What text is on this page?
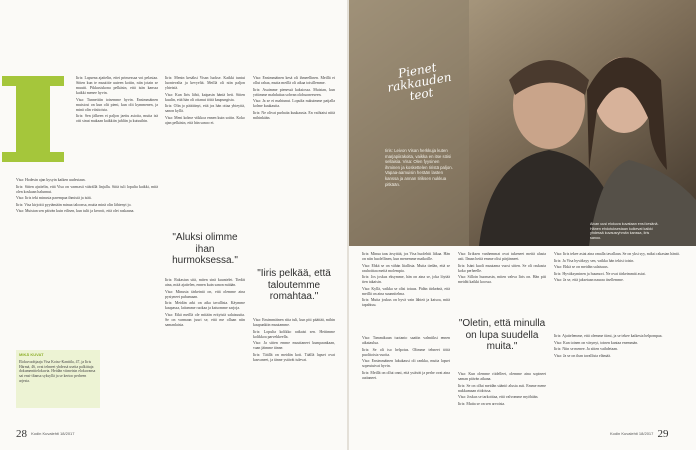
Iiris: Lapsena ajattelin, ettei prinsessaa voi pelastaa. Sitten kun te muutitte uuteen kotiin, niin jotain se muutti. Pikkusiskona pelkäsin, että isän kanssa kaikki menee hyvin.

Visa: Tunnettiin toisemme hyvin. Ensimmäinen muistosi on kun olit pieni, kun olit kymmenen, ja minä olin viisitoista.

Iiris: Sen jälkeen ei paljon jaettu asioita, mutta isä otti sinut mukaan kaikkiin juhliin ja kutsuihin.

Visa: Hodesin ajan kysyin kaiken uudestaan.

Iiris: Sitten ajattelin, että Visa on varmasti väärällä linjalla. Siitä tuli lopulta kaikki, mitä olen koskaan halunnut.

Visa: Iiris teki minusta parempaa ihmistä ja isää.

Iiris: Visa kirjoitti pyytämään minua taloonsa, mutta minä olin lähtenyt jo.

Visa: Muistan sen päivän kuin eilisen, kun tulit ja kerroit, että olet raskaana.

MIKÄ KUVAT
Elokuvaohjaaja Visa Koiso-Kanttila, 47, ja Iiris Härmä, 46, ovat tehneet yhdessä useita palkittuja dokumenttielokuvia. Heidän viimeisin elokuvansa sai ensi-iltansa syksyllä ja se kertoo perheen arjesta.

Iiris: Menin kesäksi Visan luokse. Kaikki tuntui luontevalta ja kevyeltä. Meillä oli niin paljon yhteistä.

Visa: Kun Iiris lähti, kaipasin häntä heti. Sitten kuulin, että hän oli ottanut töitä kaupungista.

Iiris: Olin jo päättänyt, että jos hän ottaa yhteyttä, sanon kyllä.

Visa: Meni kolme viikkoa ennen kuin soitin. Koko ajan pelkäsin, että hän sanoo ei.

"Aluksi olimme ihan hurmoksessa."

Iiris: Rakastan sitä, miten sinä kuuntelet. Tiedät aina, mitä ajattelen, ennen kuin sanon mitään.

Visa: Minusta tärkeintä on, että olemme aina pystyneet puhumaan.

Iiris: Meidän arki on aika tavallista. Käymme kaupassa, laitamme ruokaa ja katsomme sarjoja.

Visa: Eikä meillä ole mitään erityistä salaisuutta. Se on varmaan juuri se, että me ollaan niin samanlaisia.

Visa: Ensimmäinen kesä oli ihmeellinen. Meillä ei ollut rahaa, mutta meillä oli aikaa toisillemme.

Iiris: Asuimme pienessä kaksiossa. Muistan, kun yritimme mahduttaa sohvan olohuoneeseen.

Visa: Ja se ei mahtunut. Lopulta nukuimme patjalla kolme kuukautta.

Iiris: Ne olivat parhaita kuukausia. En vaihtaisi niitä mihinkään.

"Iiris pelkää, että taloutemme romahtaa."

Visa: Ensimmäinen riita tuli, kun piti päättää, mihin kaupunkiin muutamme.

Iiris: Lopulta kolikko ratkaisi sen. Heitimme kolikkoa parvekkeella.

Visa: Ja sitten emme muuttaneet kumpaankaan, vaan jäimme tänne.

Iiris: Täällä on meidän koti. Täällä lapset ovat kasvaneet, ja tänne ystävät tulevat.

28 Kodin Kuvalehti 18/2017
Pienet rakkauden teot
Iiris: Leivon Visan herkkuja kuten marjapiirakoita, vaikka en itse söisi sellaisia. Visa: Olen fyysinen ihminen ja koskettelen Iiristä paljon. Vapaa-aamuisin herään lasten kanssa ja annan Iiriksen nukkua pitkään.
Aivan uusi elokuva kuvataan ensi kesänä. Hänen ehdotuksestaan kulkevat kaikki yhdessä kuvausryhmän kanssa, Iiris sanoo.

Iiris: Minua taas ärsyttää, jos Visa huolehtii liikaa. Hän on niin huolellinen, kun menemme matkoille.

Visa: Ehkä se on vähän liiallista. Mutta tiedän, että se rauhoittaa meitä molempia.

Iiris: Jos joskus eksymme, hän on aina se, joka löytää tien takaisin.

Visa: Kyllä, vaikka se olisi totuus. Pidän tärkeänä, että meillä on aina suunnitelma.

Iiris: Mutta joskus on hyvä vain lähteä ja katsoa, mitä tapahtuu.

Visa: Tammikuun tuotanto saatiin valmiiksi ennen aikataulua.

Iiris: Se oli iso helpotus. Olimme tehneet töitä puolitoista vuotta.

Visa: Ensimmäinen lukukausi oli rankka, mutta lapset sopeutuivat hyvin.

Iiris: Meillä on ollut onni, että ystävät ja perhe ovat aina auttaneet.

Visa: Iiriksen vanhemmat ovat tukeneet meitä alusta asti. Ilman heitä emme olisi pärjänneet.

Iiris: Isäni kuoli muutama vuosi sitten. Se oli raskasta koko perheelle.

Visa: Silloin huomasin, miten vahva Iiris on. Hän piti meidät kaikki koossa.

"Oletin, että minulla on lupa suudella muita."

Visa: Kun olemme riidelleet, olemme aina sopineet saman päivän aikana.

Iiris: Se on ollut meidän sääntö alusta asti. Emme mene nukkumaan riidoissa.

Visa: Joskus se tarkoittaa, että valvomme myöhään.

Iiris: Mutta se on sen arvoista.

Visa: Iiris tekee asiat aina omalla tavallaan. Se on yksi syy, miksi rakastan häntä.

Iiris: Ja Visa hyväksyy sen, vaikka hän tekisi toisin.

Visa: Ehkä se on meidän salaisuus.

Iiris: Hyväksyminen ja huumori. Ne ovat tärkeimmät asiat.

Visa: Ja se, että jaksetaan nauraa itsellemme.

Iiris: Ajattelemme, että olemme tiimi, ja se tekee kaikesta helpompaa.

Visa: Kun toinen on väsynyt, toinen kantaa enemmän.

Iiris: Niin se menee. Ja sitten vaihdetaan.

Visa: Ja se on ihan tavallista elämää.

Kodin Kuvalehti 18/2017 29
